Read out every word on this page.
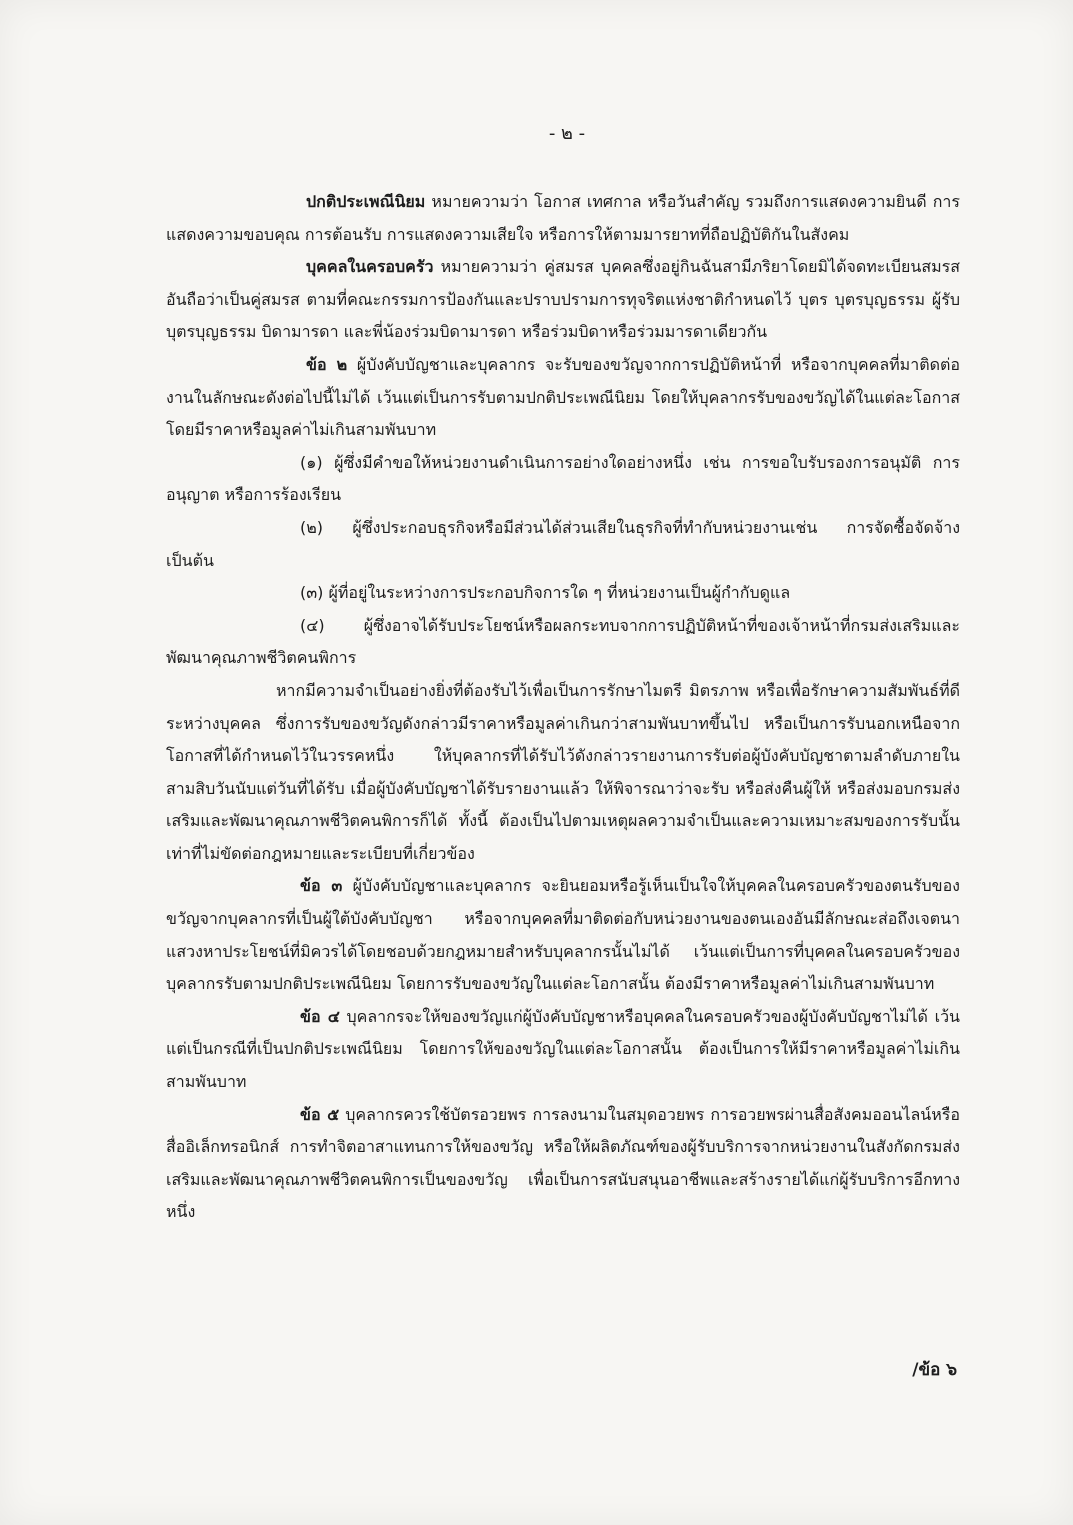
- ๒ -

ปกติประเพณีนิยม หมายความว่า โอกาส เทศกาล หรือวันสำคัญ รวมถึงการแสดงความยินดี การแสดงความขอบคุณ การต้อนรับ การแสดงความเสียใจ หรือการให้ตามมารยาทที่ถือปฏิบัติกันในสังคม

บุคคลในครอบครัว หมายความว่า คู่สมรส บุคคลซึ่งอยู่กินฉันสามีภริยาโดยมิได้จดทะเบียนสมรสอันถือว่าเป็นคู่สมรส ตามที่คณะกรรมการป้องกันและปราบปรามการทุจริตแห่งชาติกำหนดไว้ บุตร บุตรบุญธรรม ผู้รับบุตรบุญธรรม บิดามารดา และพี่น้องร่วมบิดามารดา หรือร่วมบิดาหรือร่วมมารดาเดียวกัน

ข้อ ๒ ผู้บังคับบัญชาและบุคลากร จะรับของขวัญจากการปฏิบัติหน้าที่ หรือจากบุคคลที่มาติดต่องานในลักษณะดังต่อไปนี้ไม่ได้ เว้นแต่เป็นการรับตามปกติประเพณีนิยม โดยให้บุคลากรรับของขวัญได้ในแต่ละโอกาส โดยมีราคาหรือมูลค่าไม่เกินสามพันบาท

(๑) ผู้ซึ่งมีคำขอให้หน่วยงานดำเนินการอย่างใดอย่างหนึ่ง เช่น การขอใบรับรองการอนุมัติ การอนุญาต หรือการร้องเรียน

(๒) ผู้ซึ่งประกอบธุรกิจหรือมีส่วนได้ส่วนเสียในธุรกิจที่ทำกับหน่วยงานเช่น การจัดซื้อจัดจ้าง เป็นต้น

(๓) ผู้ที่อยู่ในระหว่างการประกอบกิจการใด ๆ ที่หน่วยงานเป็นผู้กำกับดูแล

(๔) ผู้ซึ่งอาจได้รับประโยชน์หรือผลกระทบจากการปฏิบัติหน้าที่ของเจ้าหน้าที่กรมส่งเสริมและพัฒนาคุณภาพชีวิตคนพิการ

หากมีความจำเป็นอย่างยิ่งที่ต้องรับไว้เพื่อเป็นการรักษาไมตรี มิตรภาพ หรือเพื่อรักษาความสัมพันธ์ที่ดีระหว่างบุคคล ซึ่งการรับของขวัญดังกล่าวมีราคาหรือมูลค่าเกินกว่าสามพันบาทขึ้นไป หรือเป็นการรับนอกเหนือจากโอกาสที่ได้กำหนดไว้ในวรรคหนึ่ง ให้บุคลากรที่ได้รับไว้ดังกล่าวรายงานการรับต่อผู้บังคับบัญชาตามลำดับภายในสามสิบวันนับแต่วันที่ได้รับ เมื่อผู้บังคับบัญชาได้รับรายงานแล้ว ให้พิจารณาว่าจะรับ หรือส่งคืนผู้ให้ หรือส่งมอบกรมส่งเสริมและพัฒนาคุณภาพชีวิตคนพิการก็ได้ ทั้งนี้ ต้องเป็นไปตามเหตุผลความจำเป็นและความเหมาะสมของการรับนั้น เท่าที่ไม่ขัดต่อกฎหมายและระเบียบที่เกี่ยวข้อง

ข้อ ๓ ผู้บังคับบัญชาและบุคลากร จะยินยอมหรือรู้เห็นเป็นใจให้บุคคลในครอบครัวของตนรับของขวัญจากบุคลากรที่เป็นผู้ใต้บังคับบัญชา หรือจากบุคคลที่มาติดต่อกับหน่วยงานของตนเองอันมีลักษณะส่อถึงเจตนาแสวงหาประโยชน์ที่มิควรได้โดยชอบด้วยกฎหมายสำหรับบุคลากรนั้นไม่ได้ เว้นแต่เป็นการที่บุคคลในครอบครัวของบุคลากรรับตามปกติประเพณีนิยม โดยการรับของขวัญในแต่ละโอกาสนั้น ต้องมีราคาหรือมูลค่าไม่เกินสามพันบาท

ข้อ ๔ บุคลากรจะให้ของขวัญแก่ผู้บังคับบัญชาหรือบุคคลในครอบครัวของผู้บังคับบัญชาไม่ได้ เว้นแต่เป็นกรณีที่เป็นปกติประเพณีนิยม โดยการให้ของขวัญในแต่ละโอกาสนั้น ต้องเป็นการให้มีราคาหรือมูลค่าไม่เกินสามพันบาท

ข้อ ๕ บุคลากรควรใช้บัตรอวยพร การลงนามในสมุดอวยพร การอวยพรผ่านสื่อสังคมออนไลน์หรือสื่ออิเล็กทรอนิกส์ การทำจิตอาสาแทนการให้ของขวัญ หรือให้ผลิตภัณฑ์ของผู้รับบริการจากหน่วยงานในสังกัดกรมส่งเสริมและพัฒนาคุณภาพชีวิตคนพิการเป็นของขวัญ เพื่อเป็นการสนับสนุนอาชีพและสร้างรายได้แก่ผู้รับบริการอีกทางหนึ่ง

/ข้อ ๖
